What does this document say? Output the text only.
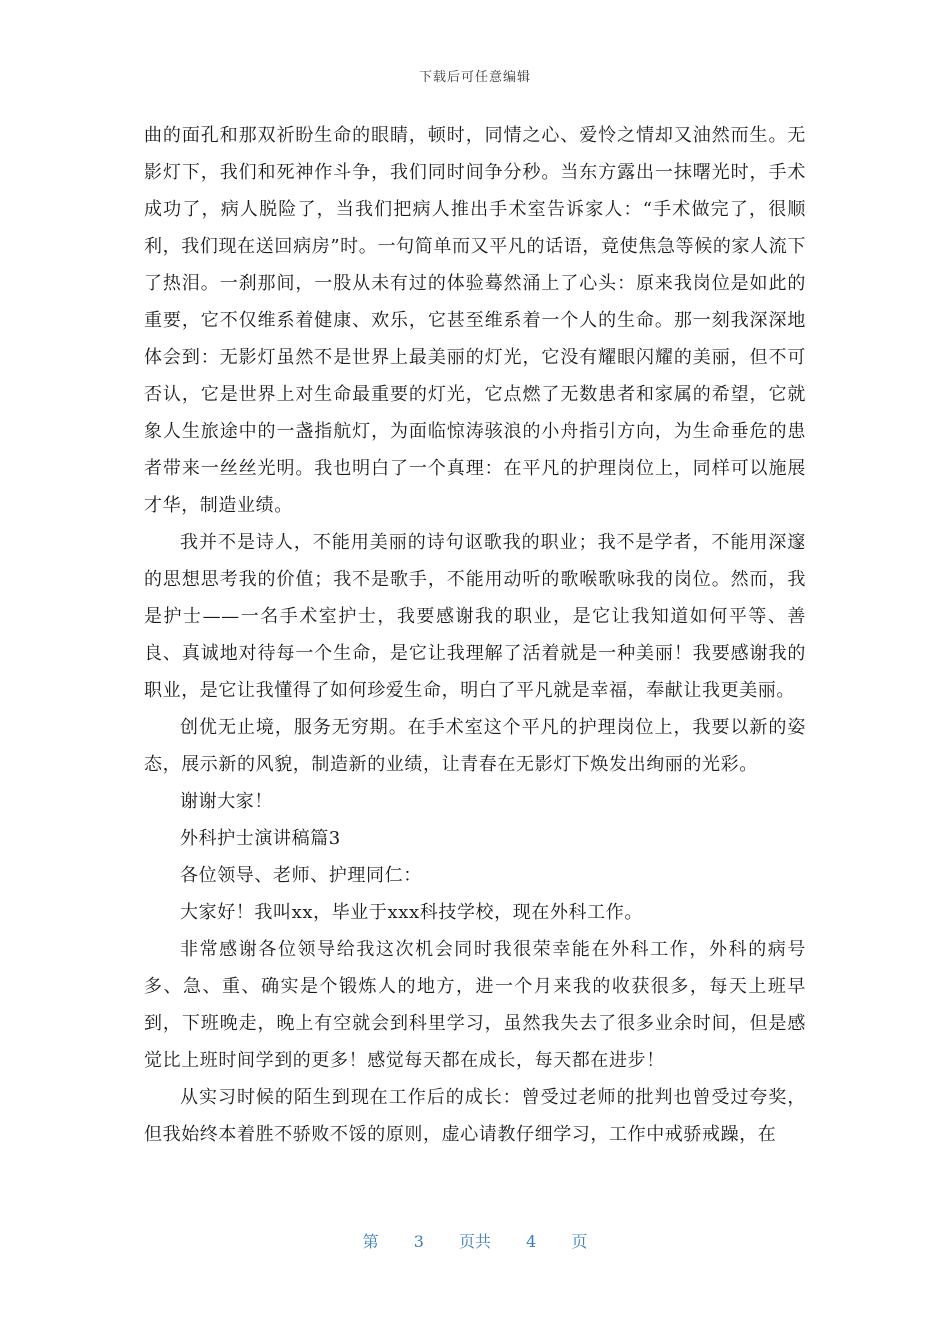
下载后可任意编辑

曲的面孔和那双祈盼生命的眼睛，顿时，同情之心、爱怜之情却又油然而生。无影灯下，我们和死神作斗争，我们同时间争分秒。当东方露出一抹曙光时，手术成功了，病人脱险了，当我们把病人推出手术室告诉家人：“手术做完了，很顺利，我们现在送回病房”时。一句简单而又平凡的话语，竟使焦急等候的家人流下了热泪。一刹那间，一股从未有过的体验蓦然涌上了心头：原来我岗位是如此的重要，它不仅维系着健康、欢乐，它甚至维系着一个人的生命。那一刻我深深地体会到：无影灯虽然不是世界上最美丽的灯光，它没有耀眼闪耀的美丽，但不可否认，它是世界上对生命最重要的灯光，它点燃了无数患者和家属的希望，它就象人生旅途中的一盏指航灯，为面临惊涛骇浪的小舟指引方向，为生命垂危的患者带来一丝丝光明。我也明白了一个真理：在平凡的护理岗位上，同样可以施展才华，制造业绩。

我并不是诗人，不能用美丽的诗句讴歌我的职业；我不是学者，不能用深邃的思想思考我的价值；我不是歌手，不能用动听的歌喉歌咏我的岗位。然而，我是护士——一名手术室护士，我要感谢我的职业，是它让我知道如何平等、善良、真诚地对待每一个生命，是它让我理解了活着就是一种美丽！我要感谢我的职业，是它让我懂得了如何珍爱生命，明白了平凡就是幸福，奉献让我更美丽。

创优无止境，服务无穷期。在手术室这个平凡的护理岗位上，我要以新的姿态，展示新的风貌，制造新的业绩，让青春在无影灯下焕发出绚丽的光彩。

谢谢大家！

外科护士演讲稿篇3

各位领导、老师、护理同仁：

大家好！我叫xx，毕业于xxx科技学校，现在外科工作。

非常感谢各位领导给我这次机会同时我很荣幸能在外科工作，外科的病号多、急、重、确实是个锻炼人的地方，进一个月来我的收获很多，每天上班早到，下班晚走，晚上有空就会到科里学习，虽然我失去了很多业余时间，但是感觉比上班时间学到的更多！感觉每天都在成长，每天都在进步！

从实习时候的陌生到现在工作后的成长：曾受过老师的批判也曾受过夸奖，但我始终本着胜不骄败不馁的原则，虚心请教仔细学习，工作中戒骄戒躁，在

第 3 页共 4 页
